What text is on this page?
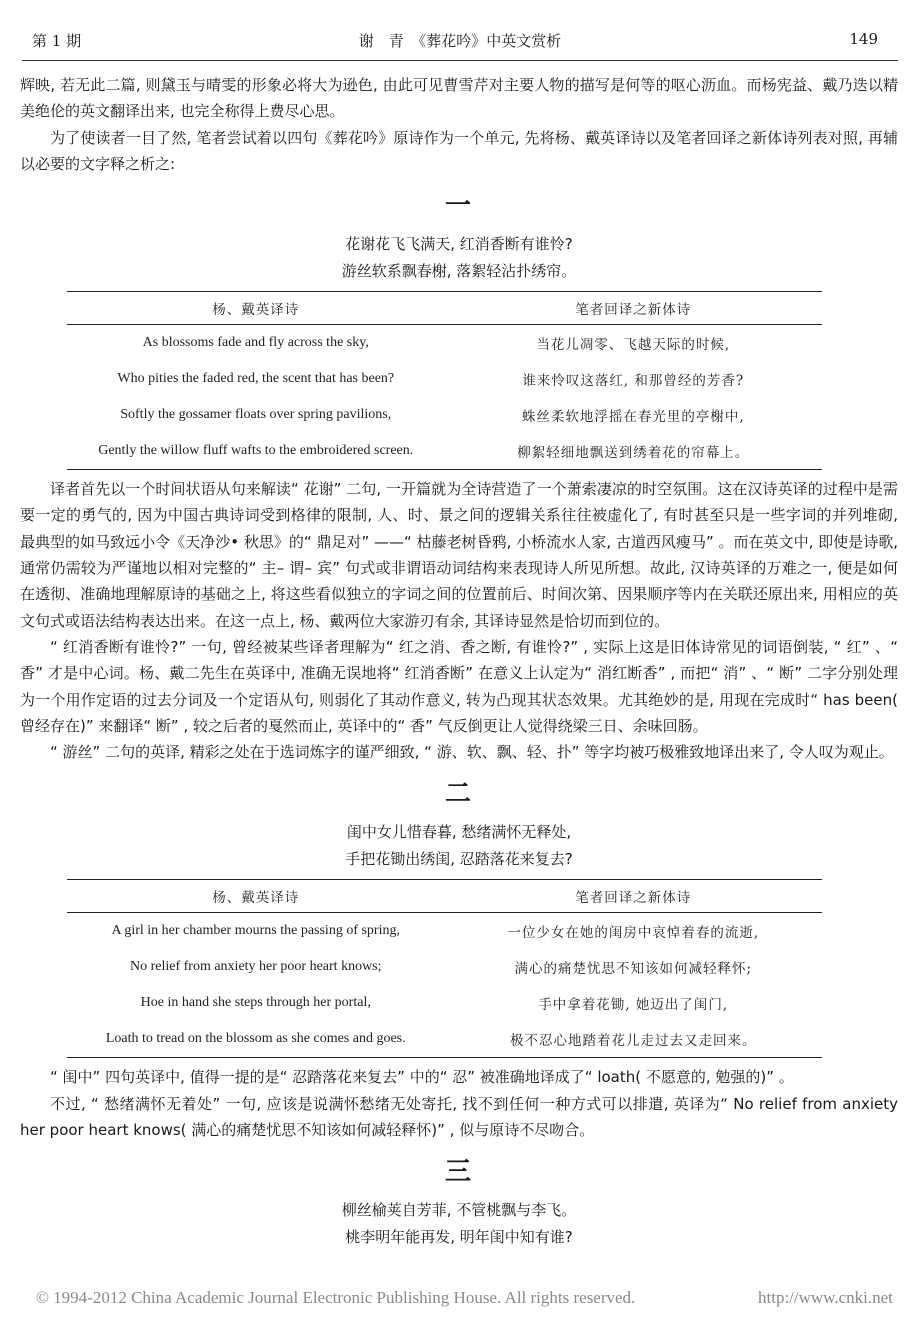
第 1 期	谢　青　《葬花吟》中英文赏析	149

辉映, 若无此二篇, 则黛玉与晴雯的形象必将大为逊色, 由此可见曹雪芹对主要人物的描写是何等的呕心沥血。而杨宪益、戴乃迭以精美绝伦的英文翻译出来, 也完全称得上费尽心思。

为了使读者一目了然, 笔者尝试着以四句《葬花吟》原诗作为一个单元, 先将杨、戴英译诗以及笔者回译之新体诗列表对照, 再辅以必要的文字释之析之:

一

花谢花飞飞满天, 红消香断有谁怜?

游丝软系飘春榭, 落絮轻沾扑绣帘。

杨、戴英译诗	笔者回译之新体诗
As blossoms fade and fly across the sky,	当花儿凋零、飞越天际的时候,
Who pities the faded red, the scent that has been?	谁来怜叹这落红, 和那曾经的芳香?
Softly the gossamer floats over spring pavilions,	蛛丝柔软地浮摇在春光里的亭榭中,
Gently the willow fluff wafts to the embroidered screen.	柳絮轻细地飘送到绣着花的帘幕上。

译者首先以一个时间状语从句来解读“ 花谢” 二句, 一开篇就为全诗营造了一个萧索凄凉的时空氛围。这在汉诗英译的过程中是需要一定的勇气的, 因为中国古典诗词受到格律的限制, 人、时、景之间的逻辑关系往往被虚化了, 有时甚至只是一些字词的并列堆砌, 最典型的如马致远小令《天净沙• 秋思》的“ 鼎足对” ——“ 枯藤老树昏鸦, 小桥流水人家, 古道西风瘦马” 。而在英文中, 即使是诗歌, 通常仍需较为严谨地以相对完整的“ 主– 谓– 宾” 句式或非谓语动词结构来表现诗人所见所想。故此, 汉诗英译的万难之一, 便是如何在透彻、准确地理解原诗的基础之上, 将这些看似独立的字词之间的位置前后、时间次第、因果顺序等内在关联还原出来, 用相应的英文句式或语法结构表达出来。在这一点上, 杨、戴两位大家游刃有余, 其译诗显然是恰切而到位的。

“ 红消香断有谁怜?” 一句, 曾经被某些译者理解为“ 红之消、香之断, 有谁怜?” , 实际上这是旧体诗常见的词语倒装, “ 红” 、“ 香” 才是中心词。杨、戴二先生在英译中, 准确无误地将“ 红消香断” 在意义上认定为“ 消红断香” , 而把“ 消” 、“ 断” 二字分别处理为一个用作定语的过去分词及一个定语从句, 则弱化了其动作意义, 转为凸现其状态效果。尤其绝妙的是, 用现在完成时“ has been( 曾经存在)” 来翻译“ 断” , 较之后者的戛然而止, 英译中的“ 香” 气反倒更让人觉得绕梁三日、余味回肠。

“ 游丝” 二句的英译, 精彩之处在于选词炼字的谨严细致, “ 游、软、飘、轻、扑” 等字均被巧极雅致地译出来了, 令人叹为观止。

二

闺中女儿惜春暮, 愁绪满怀无释处,

手把花锄出绣闺, 忍踏落花来复去?

杨、戴英译诗	笔者回译之新体诗
A girl in her chamber mourns the passing of spring,	一位少女在她的闺房中哀悼着春的流逝,
No relief from anxiety her poor heart knows;	满心的痛楚忧思不知该如何减轻释怀;
Hoe in hand she steps through her portal,	手中拿着花锄, 她迈出了闺门,
Loath to tread on the blossom as she comes and goes.	极不忍心地踏着花儿走过去又走回来。

“ 闺中” 四句英译中, 值得一提的是“ 忍踏落花来复去” 中的“ 忍” 被准确地译成了“ loath( 不愿意的, 勉强的)” 。

不过, “ 愁绪满怀无着处” 一句, 应该是说满怀愁绪无处寄托, 找不到任何一种方式可以排遣, 英译为“ No relief from anxiety her poor heart knows( 满心的痛楚忧思不知该如何减轻释怀)” , 似与原诗不尽吻合。

三

柳丝榆荚自芳菲, 不管桃飘与李飞。

桃李明年能再发, 明年闺中知有谁?

© 1994-2012 China Academic Journal Electronic Publishing House. All rights reserved.	http://www.cnki.net
